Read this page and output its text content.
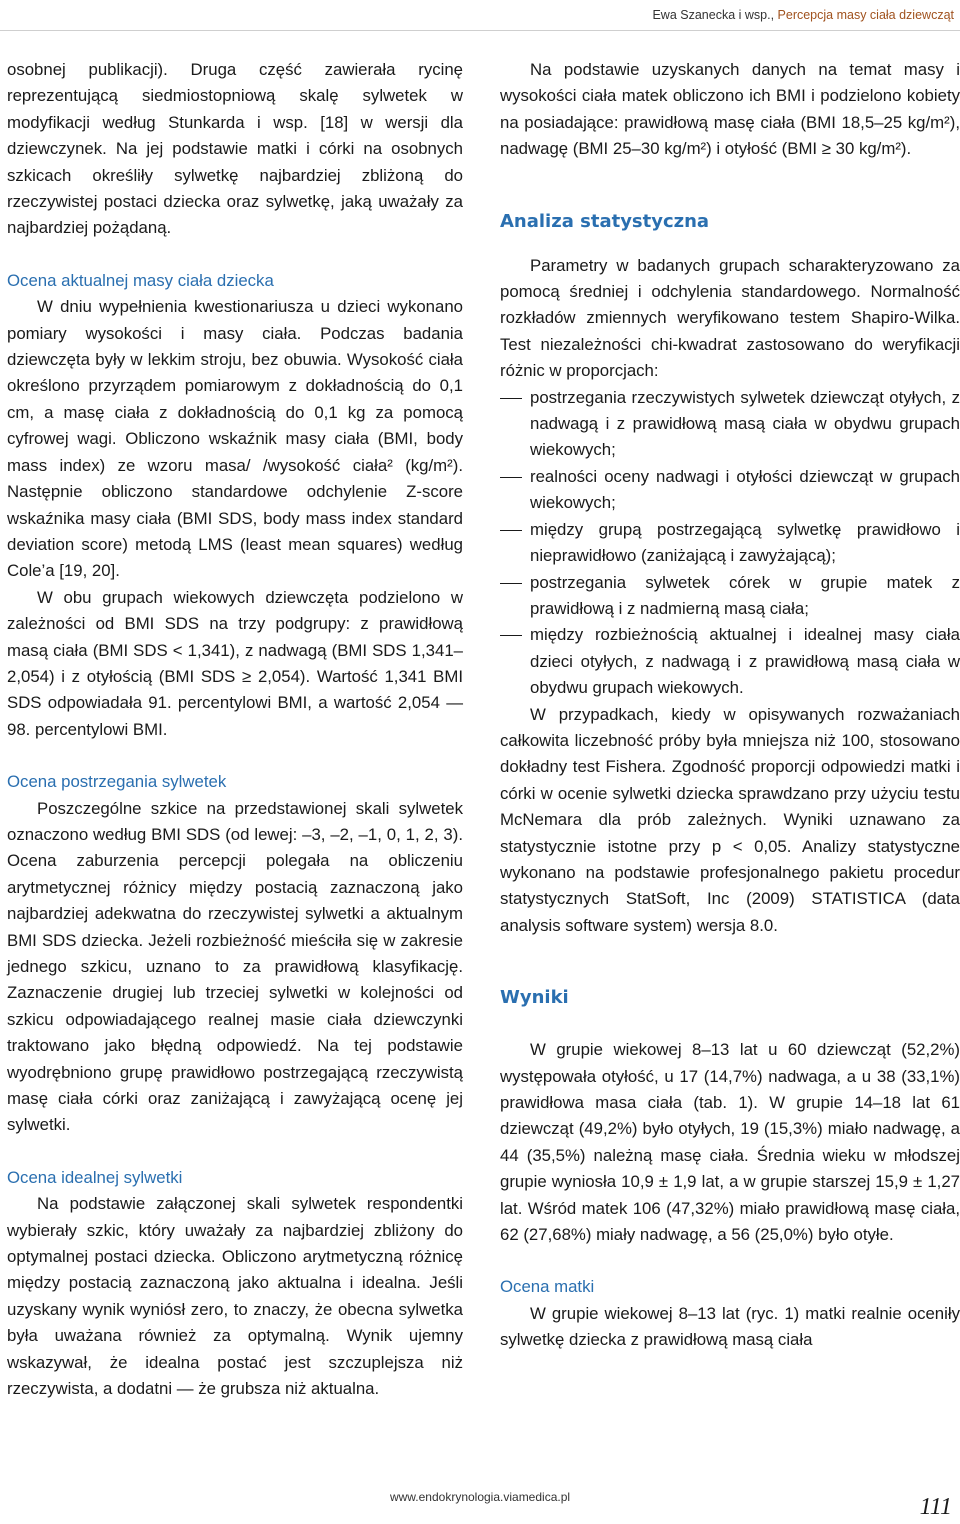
Ewa Szanecka i wsp., Percepcja masy ciała dziewcząt

osobnej publikacji). Druga część zawierała rycinę reprezentującą siedmiostopniową skalę sylwetek w modyfikacji według Stunkarda i wsp. [18] w wersji dla dziewczynek. Na jej podstawie matki i córki na osobnych szkicach określiły sylwetkę najbardziej zbliżoną do rzeczywistej postaci dziecka oraz sylwetkę, jaką uważały za najbardziej pożądaną.

Ocena aktualnej masy ciała dziecka

W dniu wypełnienia kwestionariusza u dzieci wykonano pomiary wysokości i masy ciała. Podczas badania dziewczęta były w lekkim stroju, bez obuwia. Wysokość ciała określono przyrządem pomiarowym z dokładnością do 0,1 cm, a masę ciała z dokładnością do 0,1 kg za pomocą cyfrowej wagi. Obliczono wskaźnik masy ciała (BMI, body mass index) ze wzoru masa/ /wysokość ciała² (kg/m²). Następnie obliczono standardowe odchylenie Z-score wskaźnika masy ciała (BMI SDS, body mass index standard deviation score) metodą LMS (least mean squares) według Cole’a [19, 20].

W obu grupach wiekowych dziewczęta podzielono w zależności od BMI SDS na trzy podgrupy: z prawidłową masą ciała (BMI SDS < 1,341), z nadwagą (BMI SDS 1,341–2,054) i z otyłością (BMI SDS ≥ 2,054). Wartość 1,341 BMI SDS odpowiadała 91. percentylowi BMI, a wartość 2,054 — 98. percentylowi BMI.

Ocena postrzegania sylwetek

Poszczególne szkice na przedstawionej skali sylwetek oznaczono według BMI SDS (od lewej: –3, –2, –1, 0, 1, 2, 3). Ocena zaburzenia percepcji polegała na obliczeniu arytmetycznej różnicy między postacią zaznaczoną jako najbardziej adekwatna do rzeczywistej sylwetki a aktualnym BMI SDS dziecka. Jeżeli rozbieżność mieściła się w zakresie jednego szkicu, uznano to za prawidłową klasyfikację. Zaznaczenie drugiej lub trzeciej sylwetki w kolejności od szkicu odpowiadającego realnej masie ciała dziewczynki traktowano jako błędną odpowiedź. Na tej podstawie wyodrębniono grupę prawidłowo postrzegającą rzeczywistą masę ciała córki oraz zaniżającą i zawyżającą ocenę jej sylwetki.

Ocena idealnej sylwetki

Na podstawie załączonej skali sylwetek respondentki wybierały szkic, który uważały za najbardziej zbliżony do optymalnej postaci dziecka. Obliczono arytmetyczną różnicę między postacią zaznaczoną jako aktualna i idealna. Jeśli uzyskany wynik wyniósł zero, to znaczy, że obecna sylwetka była uważana również za optymalną. Wynik ujemny wskazywał, że idealna postać jest szczuplejsza niż rzeczywista, a dodatni — że grubsza niż aktualna.

Na podstawie uzyskanych danych na temat masy i wysokości ciała matek obliczono ich BMI i podzielono kobiety na posiadające: prawidłową masę ciała (BMI 18,5–25 kg/m²), nadwagę (BMI 25–30 kg/m²) i otyłość (BMI ≥ 30 kg/m²).

Analiza statystyczna

Parametry w badanych grupach scharakteryzowano za pomocą średniej i odchylenia standardowego. Normalność rozkładów zmiennych weryfikowano testem Shapiro-Wilka. Test niezależności chi-kwadrat zastosowano do weryfikacji różnic w proporcjach:

postrzegania rzeczywistych sylwetek dziewcząt otyłych, z nadwagą i z prawidłową masą ciała w obydwu grupach wiekowych;
realności oceny nadwagi i otyłości dziewcząt w grupach wiekowych;
między grupą postrzegającą sylwetkę prawidłowo i nieprawidłowo (zaniżającą i zawyżającą);
postrzegania sylwetek córek w grupie matek z prawidłową i z nadmierną masą ciała;
między rozbieżnością aktualnej i idealnej masy ciała dzieci otyłych, z nadwagą i z prawidłową masą ciała w obydwu grupach wiekowych.

W przypadkach, kiedy w opisywanych rozważaniach całkowita liczebność próby była mniejsza niż 100, stosowano dokładny test Fishera. Zgodność proporcji odpowiedzi matki i córki w ocenie sylwetki dziecka sprawdzano przy użyciu testu McNemara dla prób zależnych. Wyniki uznawano za statystycznie istotne przy p < 0,05. Analizy statystyczne wykonano na podstawie profesjonalnego pakietu procedur statystycznych StatSoft, Inc (2009) STATISTICA (data analysis software system) wersja 8.0.

Wyniki

W grupie wiekowej 8–13 lat u 60 dziewcząt (52,2%) występowała otyłość, u 17 (14,7%) nadwaga, a u 38 (33,1%) prawidłowa masa ciała (tab. 1). W grupie 14–18 lat 61 dziewcząt (49,2%) było otyłych, 19 (15,3%) miało nadwagę, a 44 (35,5%) należną masę ciała. Średnia wieku w młodszej grupie wyniosła 10,9 ± 1,9 lat, a w grupie starszej 15,9 ± 1,27 lat. Wśród matek 106 (47,32%) miało prawidłową masę ciała, 62 (27,68%) miały nadwagę, a 56 (25,0%) było otyłe.

Ocena matki

W grupie wiekowej 8–13 lat (ryc. 1) matki realnie oceniły sylwetkę dziecka z prawidłową masą ciała

www.endokrynologia.viamedica.pl	111
